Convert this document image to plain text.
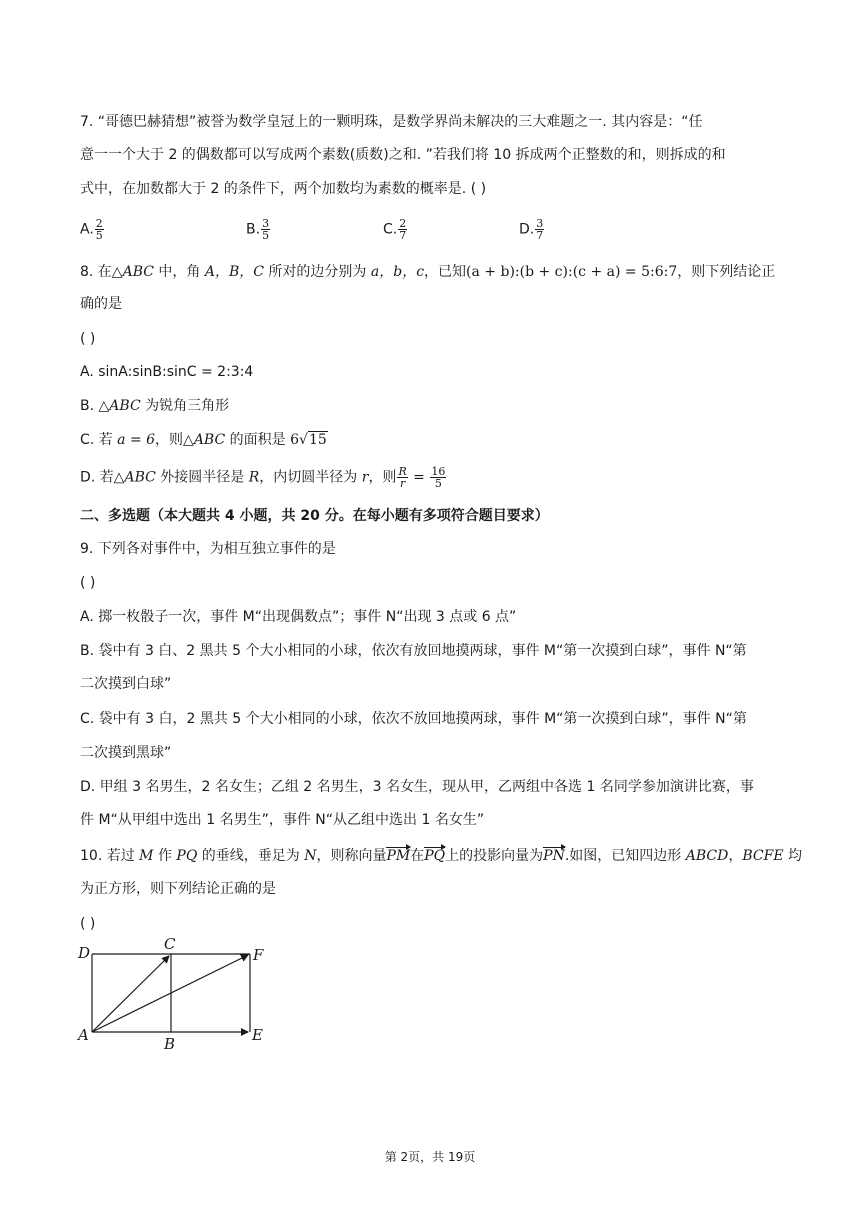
7. “哥德巴赫猜想”被誉为数学皇冠上的一颗明珠，是数学界尚未解决的三大难题之一. 其内容是：“任
意一一个大于 2 的偶数都可以写成两个素数(质数)之和. ”若我们将 10 拆成两个正整数的和，则拆成的和
式中，在加数都大于 2 的条件下，两个加数均为素数的概率是. ( )
A. $\frac{2}{5}$	B. $\frac{3}{5}$	C. $\frac{2}{7}$	D. $\frac{3}{7}$
8. 在△ABC 中，角 A，B，C 所对的边分别为 a，b，c，已知(a + b):(b + c):(c + a) = 5:6:7，则下列结论正
确的是
( )
A. sinA:sinB:sinC = 2:3:4
B. △ABC 为锐角三角形
C. 若 a = 6，则△ABC 的面积是 6√15
D. 若△ABC 外接圆半径是 R，内切圆半径为 r，则 $\frac{R}{r} = \frac{16}{5}$
二、多选题（本大题共 4 小题，共 20 分。在每小题有多项符合题目要求）
9. 下列各对事件中，为相互独立事件的是
( )
A. 掷一枚骰子一次，事件 M“出现偶数点”；事件 N“出现 3 点或 6 点”
B. 袋中有 3 白、2 黑共 5 个大小相同的小球，依次有放回地摸两球，事件 M“第一次摸到白球”，事件 N“第
二次摸到白球”
C. 袋中有 3 白，2 黑共 5 个大小相同的小球，依次不放回地摸两球，事件 M“第一次摸到白球”，事件 N“第
二次摸到黑球”
D. 甲组 3 名男生，2 名女生；乙组 2 名男生，3 名女生，现从甲，乙两组中各选 1 名同学参加演讲比赛，事
件 M“从甲组中选出 1 名男生”，事件 N“从乙组中选出 1 名女生”
10. 若过 M 作 PQ 的垂线，垂足为 N，则称向量PM在PQ上的投影向量为PN.如图，已知四边形 ABCD，BCFE 均
为正方形，则下列结论正确的是
( )
D	C
F
A	B	E
第 2页，共 19页
